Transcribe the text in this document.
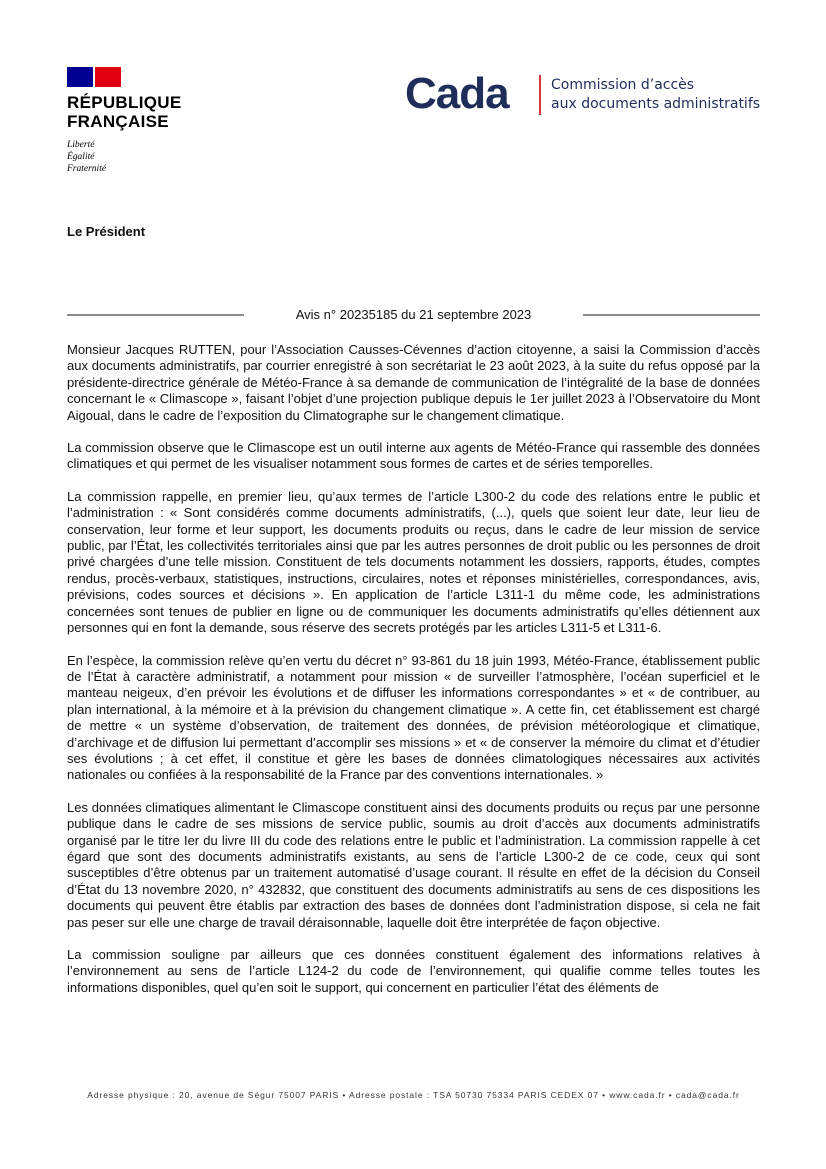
RÉPUBLIQUE
FRANÇAISE
Liberté
Égalité
Fraternité
Cada	Commission d’accès
aux documents administratifs
Le Président
Avis n° 20235185 du 21 septembre 2023

Monsieur Jacques RUTTEN, pour l’Association Causses-Cévennes d’action citoyenne, a saisi la Commission d’accès aux documents administratifs, par courrier enregistré à son secrétariat le 23 août 2023, à la suite du refus opposé par la présidente-directrice générale de Météo-France à sa demande de communication de l’intégralité de la base de données concernant le « Climascope », faisant l’objet d’une projection publique depuis le 1er juillet 2023 à l’Observatoire du Mont Aigoual, dans le cadre de l’exposition du Climatographe sur le changement climatique.

La commission observe que le Climascope est un outil interne aux agents de Météo-France qui rassemble des données climatiques et qui permet de les visualiser notamment sous formes de cartes et de séries temporelles.

La commission rappelle, en premier lieu, qu’aux termes de l’article L300-2 du code des relations entre le public et l’administration : « Sont considérés comme documents administratifs, (...), quels que soient leur date, leur lieu de conservation, leur forme et leur support, les documents produits ou reçus, dans le cadre de leur mission de service public, par l’État, les collectivités territoriales ainsi que par les autres personnes de droit public ou les personnes de droit privé chargées d’une telle mission. Constituent de tels documents notamment les dossiers, rapports, études, comptes rendus, procès-verbaux, statistiques, instructions, circulaires, notes et réponses ministérielles, correspondances, avis, prévisions, codes sources et décisions ». En application de l’article L311-1 du même code, les administrations concernées sont tenues de publier en ligne ou de communiquer les documents administratifs qu’elles détiennent aux personnes qui en font la demande, sous réserve des secrets protégés par les articles L311-5 et L311-6.

En l’espèce, la commission relève qu’en vertu du décret n° 93-861 du 18 juin 1993, Météo-France, établissement public de l’État à caractère administratif, a notamment pour mission « de surveiller l’atmosphère, l’océan superficiel et le manteau neigeux, d’en prévoir les évolutions et de diffuser les informations correspondantes » et « de contribuer, au plan international, à la mémoire et à la prévision du changement climatique ». A cette fin, cet établissement est chargé de mettre « un système d’observation, de traitement des données, de prévision météorologique et climatique, d’archivage et de diffusion lui permettant d’accomplir ses missions » et « de conserver la mémoire du climat et d’étudier ses évolutions ; à cet effet, il constitue et gère les bases de données climatologiques nécessaires aux activités nationales ou confiées à la responsabilité de la France par des conventions internationales. »

Les données climatiques alimentant le Climascope constituent ainsi des documents produits ou reçus par une personne publique dans le cadre de ses missions de service public, soumis au droit d’accès aux documents administratifs organisé par le titre Ier du livre III du code des relations entre le public et l’administration. La commission rappelle à cet égard que sont des documents administratifs existants, au sens de l’article L300-2 de ce code, ceux qui sont susceptibles d’être obtenus par un traitement automatisé d’usage courant. Il résulte en effet de la décision du Conseil d’État du 13 novembre 2020, n° 432832, que constituent des documents administratifs au sens de ces dispositions les documents qui peuvent être établis par extraction des bases de données dont l’administration dispose, si cela ne fait pas peser sur elle une charge de travail déraisonnable, laquelle doit être interprétée de façon objective.

La commission souligne par ailleurs que ces données constituent également des informations relatives à l’environnement au sens de l’article L124-2 du code de l’environnement, qui qualifie comme telles toutes les informations disponibles, quel qu’en soit le support, qui concernent en particulier l’état des éléments de

Adresse physique : 20, avenue de Ségur 75007 PARIS • Adresse postale : TSA 50730 75334 PARIS CEDEX 07 • www.cada.fr • cada@cada.fr
